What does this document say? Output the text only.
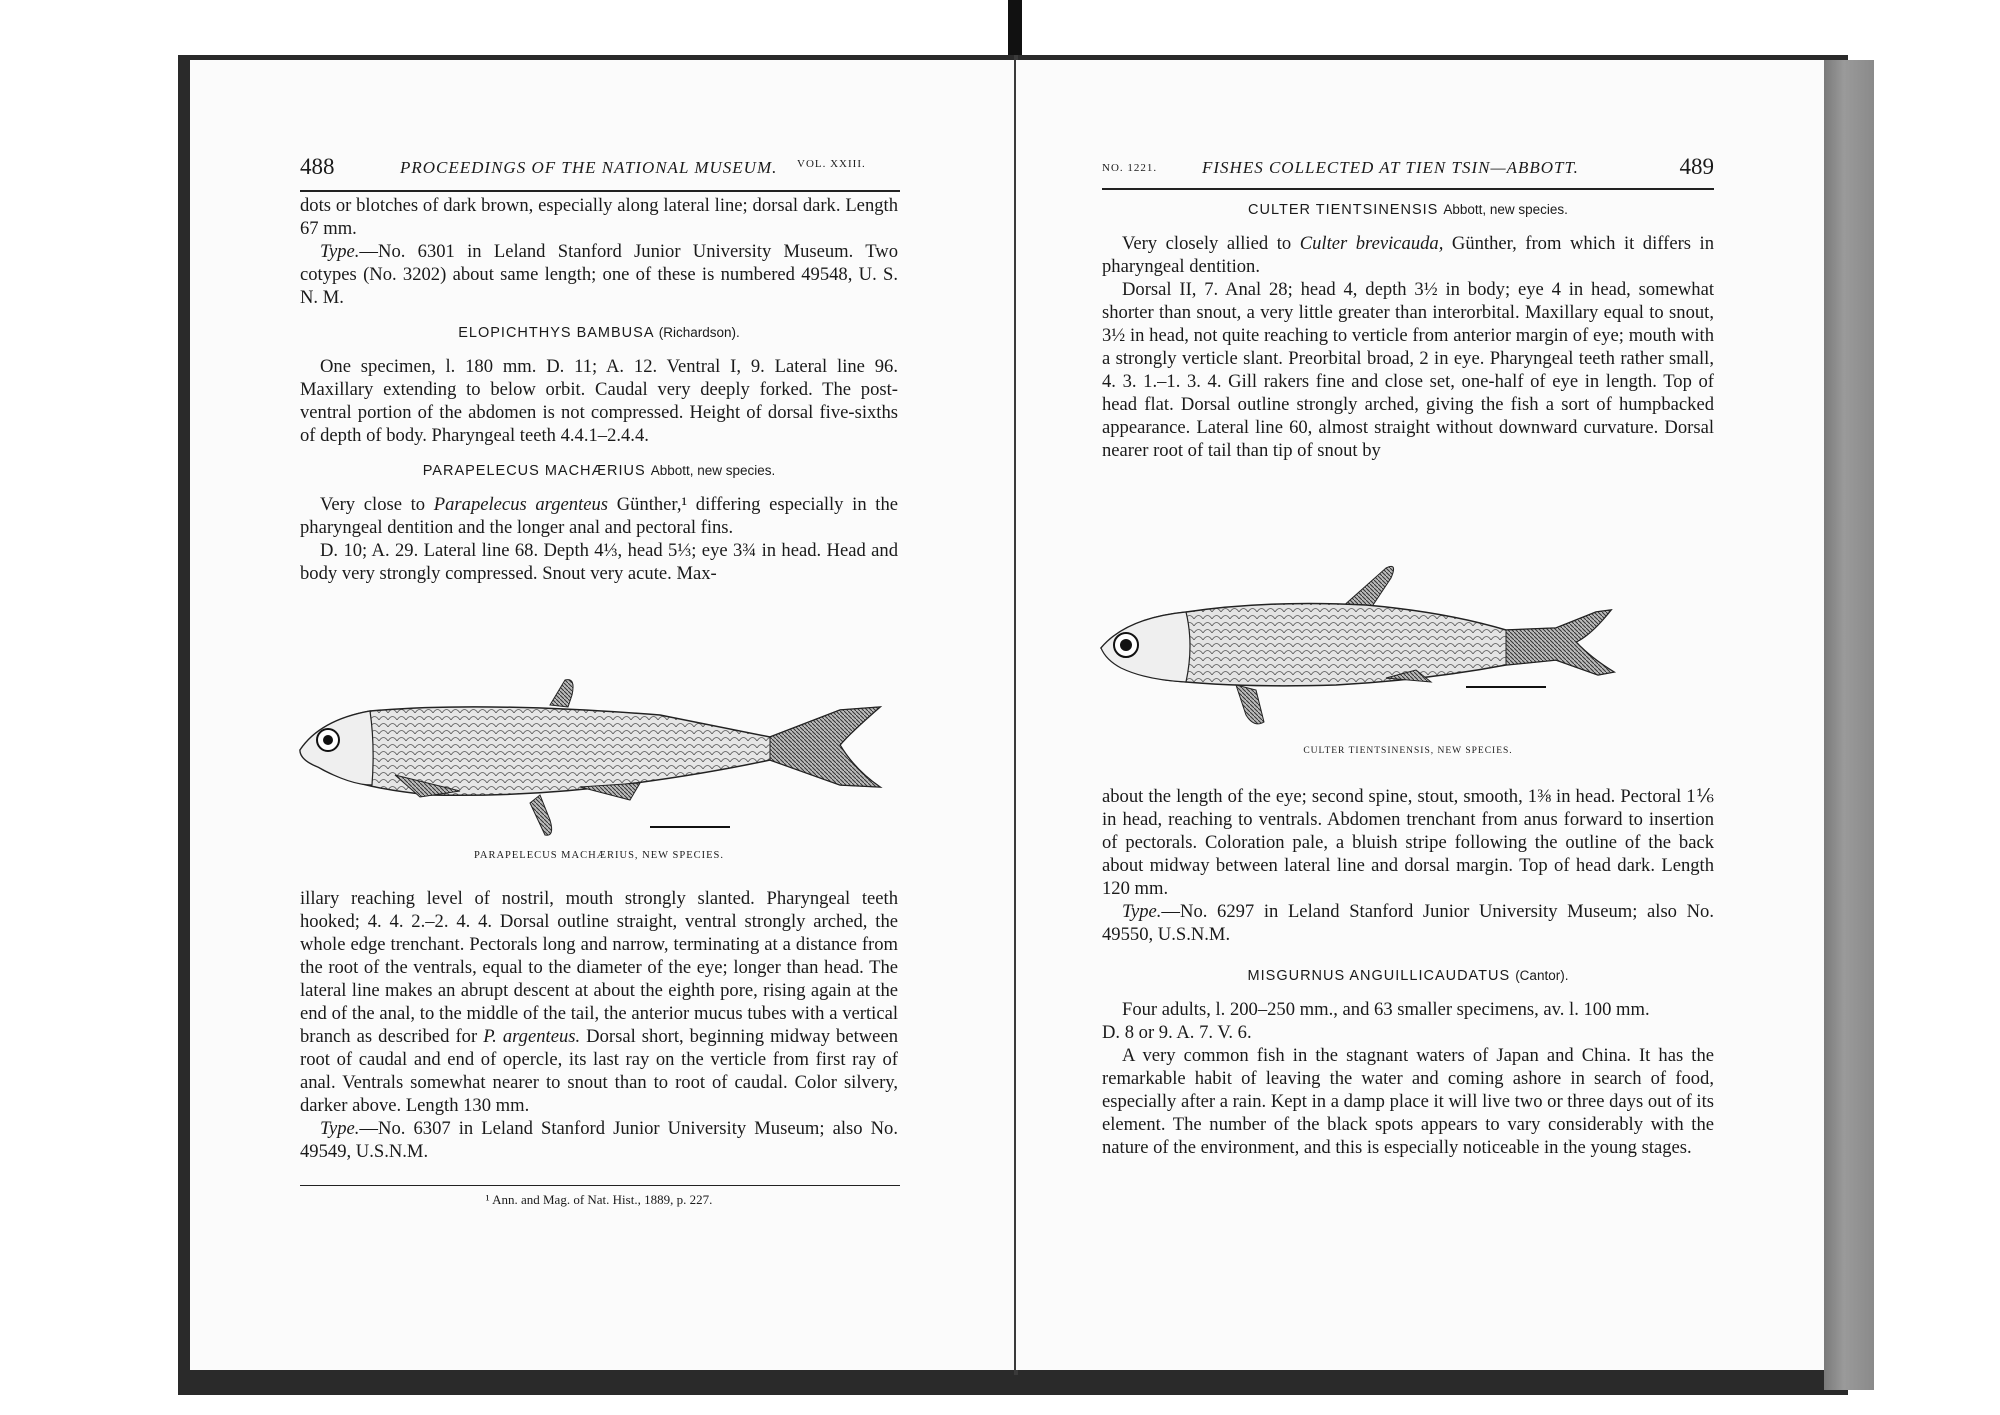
488	PROCEEDINGS OF THE NATIONAL MUSEUM. VOL. XXIII.

dots or blotches of dark brown, especially along lateral line; dorsal dark. Length 67 mm.

Type.—No. 6301 in Leland Stanford Junior University Museum. Two cotypes (No. 3202) about same length; one of these is numbered 49548, U. S. N. M.

ELOPICHTHYS BAMBUSA (Richardson).

One specimen, l. 180 mm. D. 11; A. 12. Ventral I, 9. Lateral line 96. Maxillary extending to below orbit. Caudal very deeply forked. The post-ventral portion of the abdomen is not compressed. Height of dorsal five-sixths of depth of body. Pharyngeal teeth 4.4.1–2.4.4.

PARAPELECUS MACHÆRIUS Abbott, new species.

Very close to Parapelecus argenteus Günther,¹ differing especially in the pharyngeal dentition and the longer anal and pectoral fins.

D. 10; A. 29. Lateral line 68. Depth 4⅓, head 5⅓; eye 3¾ in head. Head and body very strongly compressed. Snout very acute. Max-

PARAPELECUS MACHÆRIUS, NEW SPECIES.

illary reaching level of nostril, mouth strongly slanted. Pharyngeal teeth hooked; 4. 4. 2.–2. 4. 4. Dorsal outline straight, ventral strongly arched, the whole edge trenchant. Pectorals long and narrow, terminating at a distance from the root of the ventrals, equal to the diameter of the eye; longer than head. The lateral line makes an abrupt descent at about the eighth pore, rising again at the end of the anal, to the middle of the tail, the anterior mucus tubes with a vertical branch as described for P. argenteus. Dorsal short, beginning midway between root of caudal and end of opercle, its last ray on the verticle from first ray of anal. Ventrals somewhat nearer to snout than to root of caudal. Color silvery, darker above. Length 130 mm.

Type.—No. 6307 in Leland Stanford Junior University Museum; also No. 49549, U.S.N.M.

¹ Ann. and Mag. of Nat. Hist., 1889, p. 227.
NO. 1221.	FISHES COLLECTED AT TIEN TSIN—ABBOTT.	489
CULTER TIENTSINENSIS Abbott, new species.

Very closely allied to Culter brevicauda, Günther, from which it differs in pharyngeal dentition.

Dorsal II, 7. Anal 28; head 4, depth 3½ in body; eye 4 in head, somewhat shorter than snout, a very little greater than interorbital. Maxillary equal to snout, 3½ in head, not quite reaching to verticle from anterior margin of eye; mouth with a strongly verticle slant. Preorbital broad, 2 in eye. Pharyngeal teeth rather small, 4. 3. 1.–1. 3. 4. Gill rakers fine and close set, one-half of eye in length. Top of head flat. Dorsal outline strongly arched, giving the fish a sort of humpbacked appearance. Lateral line 60, almost straight without downward curvature. Dorsal nearer root of tail than tip of snout by

CULTER TIENTSINENSIS, NEW SPECIES.

about the length of the eye; second spine, stout, smooth, 1⅜ in head. Pectoral 1⅙ in head, reaching to ventrals. Abdomen trenchant from anus forward to insertion of pectorals. Coloration pale, a bluish stripe following the outline of the back about midway between lateral line and dorsal margin. Top of head dark. Length 120 mm.

Type.—No. 6297 in Leland Stanford Junior University Museum; also No. 49550, U.S.N.M.

MISGURNUS ANGUILLICAUDATUS (Cantor).

Four adults, l. 200–250 mm., and 63 smaller specimens, av. l. 100 mm.

D. 8 or 9. A. 7. V. 6.

A very common fish in the stagnant waters of Japan and China. It has the remarkable habit of leaving the water and coming ashore in search of food, especially after a rain. Kept in a damp place it will live two or three days out of its element. The number of the black spots appears to vary considerably with the nature of the environment, and this is especially noticeable in the young stages.
